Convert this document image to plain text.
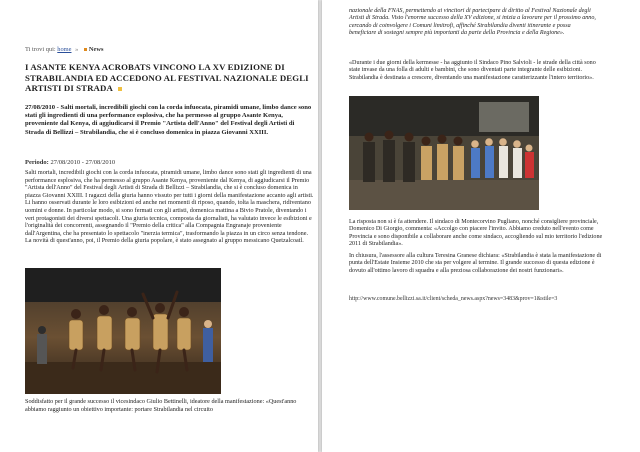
Ti trovi qui: home » News
I ASANTE KENYA ACROBATS VINCONO LA XV EDIZIONE DI STRABILANDIA ED ACCEDONO AL FESTIVAL NAZIONALE DEGLI ARTISTI DI STRADA
27/08/2010 - Salti mortali, incredibili giochi con la corda infuocata, piramidi umane, limbo dance sono stati gli ingredienti di una performance esplosiva, che ha permesso al gruppo Asante Kenya, proveniente dal Kenya, di aggiudicarsi il Premio "Artista dell'Anno" del Festival degli Artisti di Strada di Bellizzi – Strabilandia, che si è concluso domenica in piazza Giovanni XXIII.
Periodo: 27/08/2010 - 27/08/2010
Salti mortali, incredibili giochi con la corda infuocata, piramidi umane, limbo dance sono stati gli ingredienti di una performance esplosiva, che ha permesso al gruppo Asante Kenya, proveniente dal Kenya, di aggiudicarsi il Premio "Artista dell'Anno" del Festival degli Artisti di Strada di Bellizzi – Strabilandia, che si è concluso domenica in piazza Giovanni XXIII. I ragazzi della giuria hanno vissuto per tutti i giorni della manifestazione accanto agli artisti. Li hanno osservati durante le loro esibizioni ed anche nei momenti di riposo, quando, tolta la maschera, ridiventano uomini e donne. In particolar modo, si sono fermati con gli artisti, domenica mattina a Bivio Pratole, diventando i veri protagonisti dei diversi spettacoli. Una giuria tecnica, composta da giornalisti, ha valutato invece le esibizioni e l'originalità dei concorrenti, assegnando il "Premio della critica" alla Compagnia Engranaje proveniente dall'Argentina, che ha presentato lo spettacolo "inerzia termica", trasformando la piazza in un circo senza tendone. La novità di quest'anno, poi, il Premio della giuria popolare, è stato assegnato al gruppo messicano Quetzalcoatl.
Soddisfatto per il grande successo il vicesindaco Giulio Bettinelli, ideatore della manifestazione: «Quest'anno abbiamo raggiunto un obiettivo importante: portare Strabilandia nel circuito
nazionale della FNAS, permettendo ai vincitori di partecipare di diritto al Festival Nazionale degli Artisti di Strada. Visto l'enorme successo della XV edizione, si inizia a lavorare per il prossimo anno, cercando di coinvolgere i Comuni limitrofi, affinché Strabilandia diventi itinerante e possa beneficiare di sostegni sempre più importanti da parte della Provincia e della Regione».
«Durante i due giorni della kermesse - ha aggiunto il Sindaco Pino Salvioli - le strade della città sono state invase da una folla di adulti e bambini, che sono diventati parte integrante delle esibizioni. Strabilandia è destinata a crescere, diventando una manifestazione caratterizzante l'intero territorio».
La risposta non si è fa attendere. Il sindaco di Montecorvino Pugliano, nonché consigliere provinciale, Domenico Di Giorgio, commenta: «Accolgo con piacere l'invito. Abbiamo creduto nell'evento come Provincia e sono disponibile a collaborare anche come sindaco, accogliendo sul mio territorio l'edizione 2011 di Strabilandia».
In chiusura, l'assessore alla cultura Teresina Granese dichiara: «Strabilandia è stata la manifestazione di punta dell'Estate Insieme 2010 che sta per volgere al termine. Il grande successo di questa edizione è dovuto all'ottimo lavoro di squadra e alla preziosa collaborazione dei nostri funzionari».
http://www.comune.bellizzi.sa.it/client/scheda_news.aspx?news=3483&prov=1&stile=3
